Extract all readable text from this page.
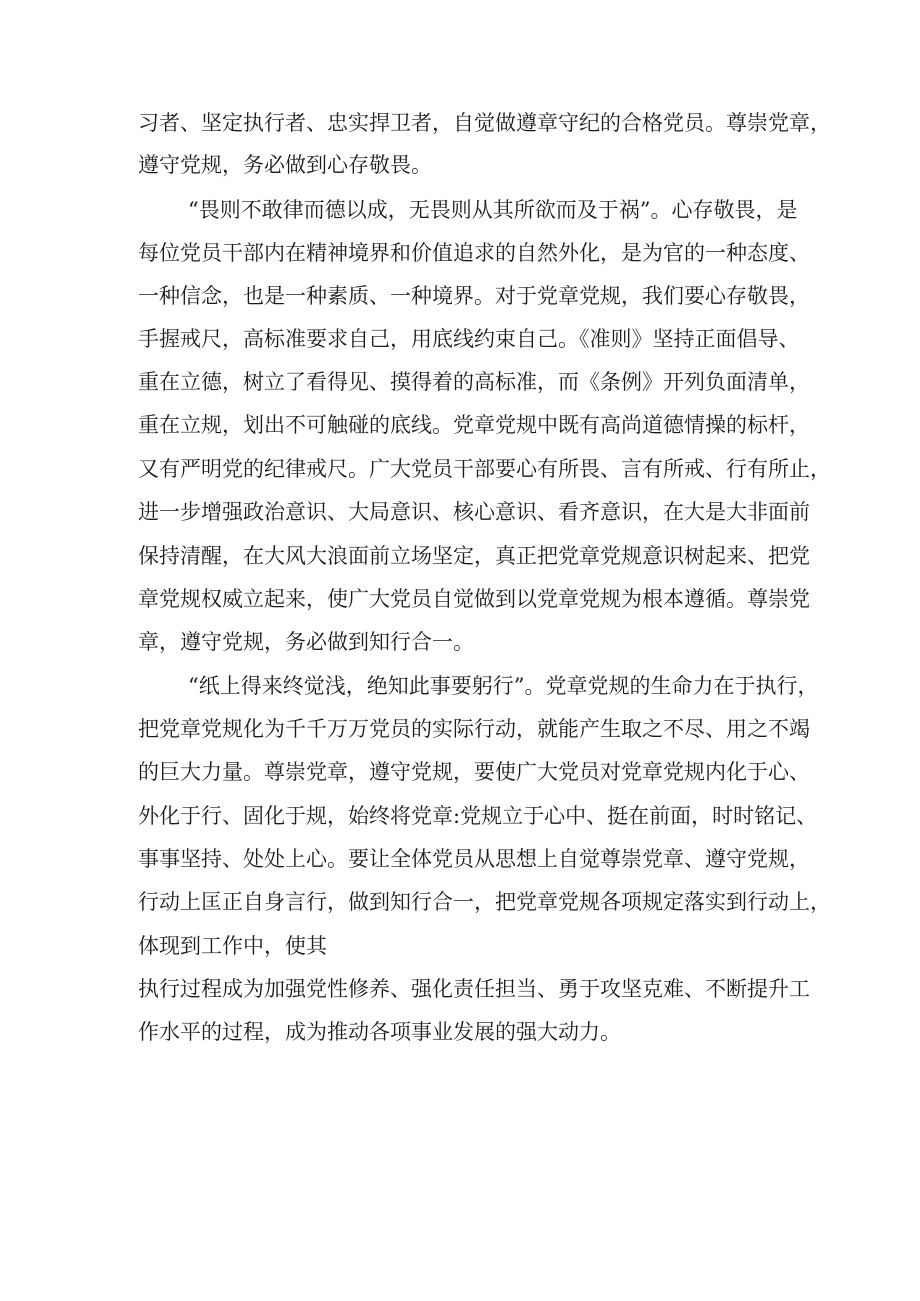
习者、坚定执行者、忠实捍卫者，自觉做遵章守纪的合格党员。尊崇党章，
遵守党规，务必做到心存敬畏。
“畏则不敢律而德以成，无畏则从其所欲而及于祸”。心存敬畏，是
每位党员干部内在精神境界和价值追求的自然外化，是为官的一种态度、
一种信念，也是一种素质、一种境界。对于党章党规，我们要心存敬畏，
手握戒尺，高标准要求自己，用底线约束自己。《准则》坚持正面倡导、
重在立德，树立了看得见、摸得着的高标准，而《条例》开列负面清单，
重在立规，划出不可触碰的底线。党章党规中既有高尚道德情操的标杆，
又有严明党的纪律戒尺。广大党员干部要心有所畏、言有所戒、行有所止，
进一步增强政治意识、大局意识、核心意识、看齐意识，在大是大非面前
保持清醒，在大风大浪面前立场坚定，真正把党章党规意识树起来、把党
章党规权威立起来，使广大党员自觉做到以党章党规为根本遵循。尊崇党
章，遵守党规，务必做到知行合一。
“纸上得来终觉浅，绝知此事要躬行”。党章党规的生命力在于执行，
把党章党规化为千千万万党员的实际行动，就能产生取之不尽、用之不竭
的巨大力量。尊崇党章，遵守党规，要使广大党员对党章党规内化于心、
外化于行、固化于规，始终将党章:党规立于心中、挺在前面，时时铭记、
事事坚持、处处上心。要让全体党员从思想上自觉尊崇党章、遵守党规，
行动上匡正自身言行，做到知行合一，把党章党规各项规定落实到行动上，
体现到工作中，使其
执行过程成为加强党性修养、强化责任担当、勇于攻坚克难、不断提升工
作水平的过程，成为推动各项事业发展的强大动力。
